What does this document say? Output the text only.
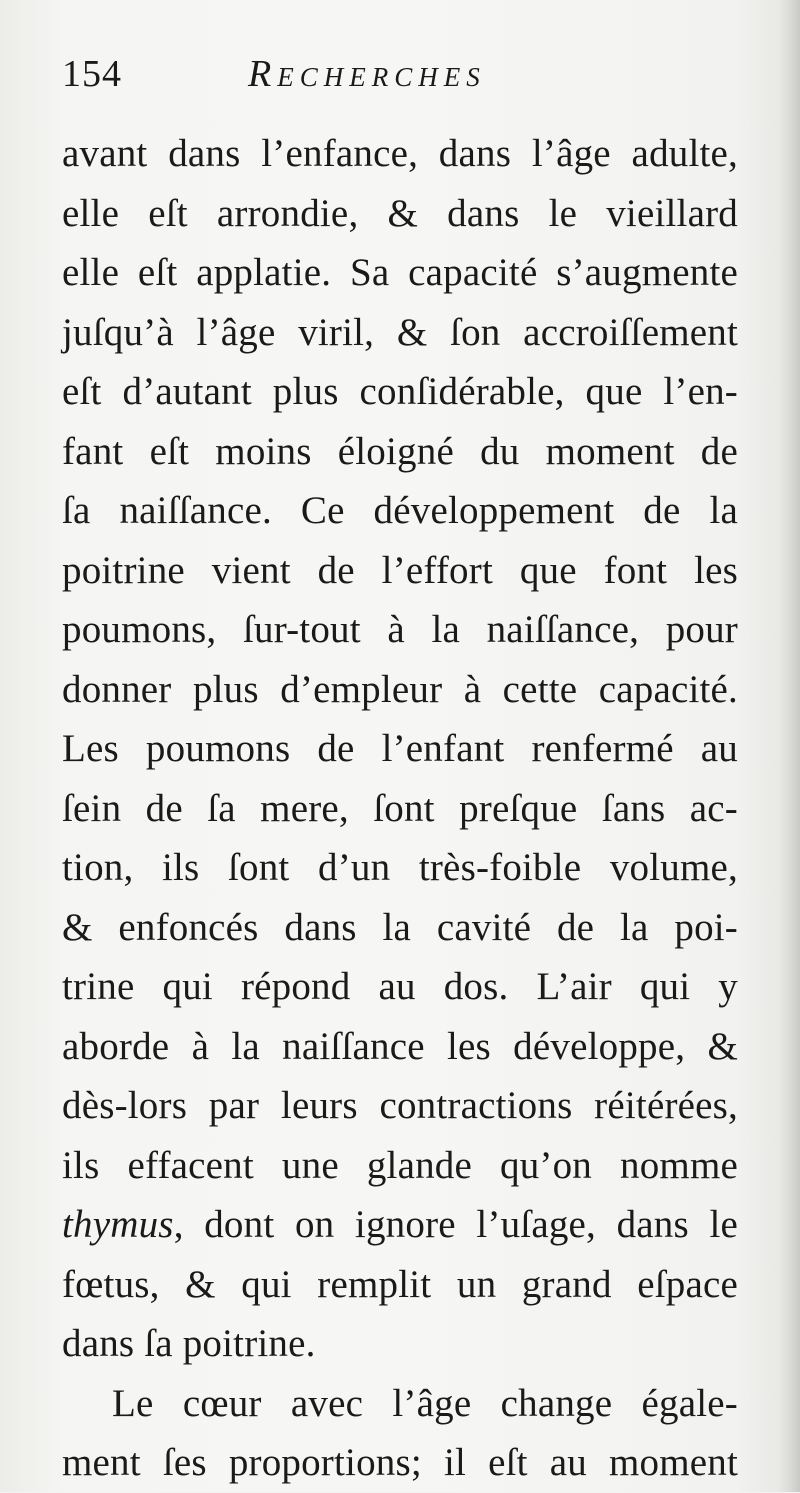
154	Recherches
avant dans l’enfance, dans l’âge adulte,
elle eſt arrondie, & dans le vieillard
elle eſt applatie. Sa capacité s’augmente
juſqu’à l’âge viril, & ſon accroiſſement
eſt d’autant plus conſidérable, que l’en-
fant eſt moins éloigné du moment de
ſa naiſſance. Ce développement de la
poitrine vient de l’effort que font les
poumons, ſur-tout à la naiſſance, pour
donner plus d’empleur à cette capacité.
Les poumons de l’enfant renfermé au
ſein de ſa mere, ſont preſque ſans ac-
tion, ils ſont d’un très-foible volume,
& enfoncés dans la cavité de la poi-
trine qui répond au dos. L’air qui y
aborde à la naiſſance les développe, &
dès-lors par leurs contractions réitérées,
ils effacent une glande qu’on nomme
thymus, dont on ignore l’uſage, dans le
fœtus, & qui remplit un grand eſpace
dans ſa poitrine.
Le cœur avec l’âge change égale-
ment ſes proportions; il eſt au moment
